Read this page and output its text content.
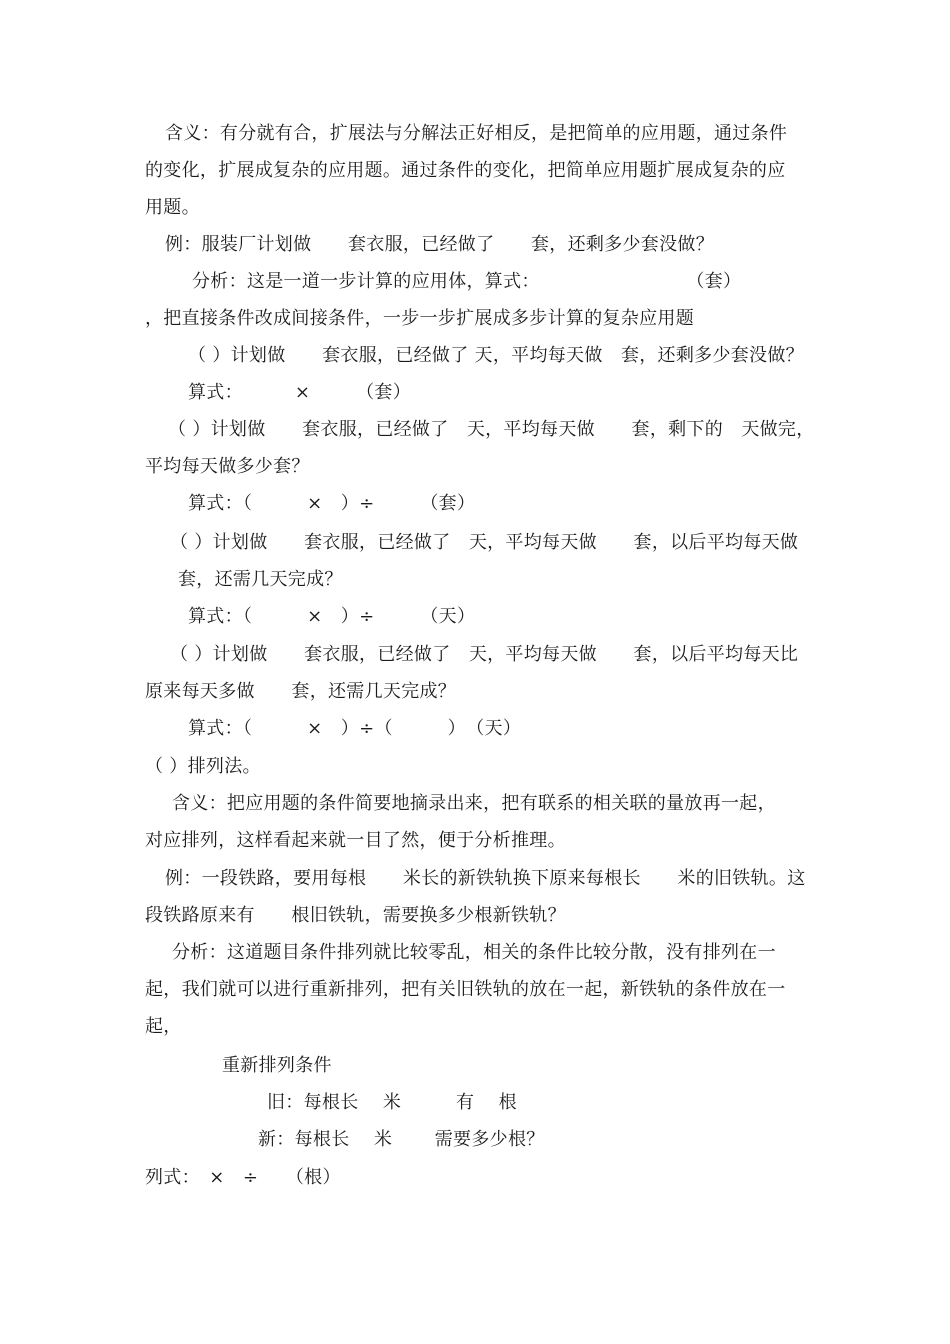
含义：有分就有合，扩展法与分解法正好相反，是把简单的应用题，通过条件
的变化，扩展成复杂的应用题。通过条件的变化，把简单应用题扩展成复杂的应
用题。
例：服装厂计划做　　套衣服，已经做了　　套，还剩多少套没做？
分析：这是一道一步计算的应用体，算式：　　　　　　　　　（套）
，把直接条件改成间接条件，一步一步扩展成多步计算的复杂应用题
（ ）计划做　　套衣服，已经做了 天，平均每天做　套，还剩多少套没做？
算式：　　　 ×　　　（套）
（ ）计划做　　套衣服，已经做了　天，平均每天做　　套，剩下的　天做完，
平均每天做多少套？
算式：（　　　×　）÷　　　（套）
（ ）计划做　　套衣服，已经做了　天，平均每天做　　套，以后平均每天做
套，还需几天完成？
算式：（　　　×　）÷　　　（天）
（ ）计划做　　套衣服，已经做了　天，平均每天做　　套，以后平均每天比
原来每天多做　　套，还需几天完成？
算式：（　　　×　）÷（　　　）　（天）
（ ）排列法。
含义：把应用题的条件简要地摘录出来，把有联系的相关联的量放再一起，
对应排列，这样看起来就一目了然，便于分析推理。
例：一段铁路，要用每根　　米长的新铁轨换下原来每根长　　米的旧铁轨。这
段铁路原来有　　根旧铁轨，需要换多少根新铁轨？
分析：这道题目条件排列就比较零乱，相关的条件比较分散，没有排列在一
起，我们就可以进行重新排列，把有关旧铁轨的放在一起，新铁轨的条件放在一
起，
重新排列条件
旧：每根长　 米　　　有　 根
新：每根长　 米　　 需要多少根？
列式：　×　÷　　（根）
